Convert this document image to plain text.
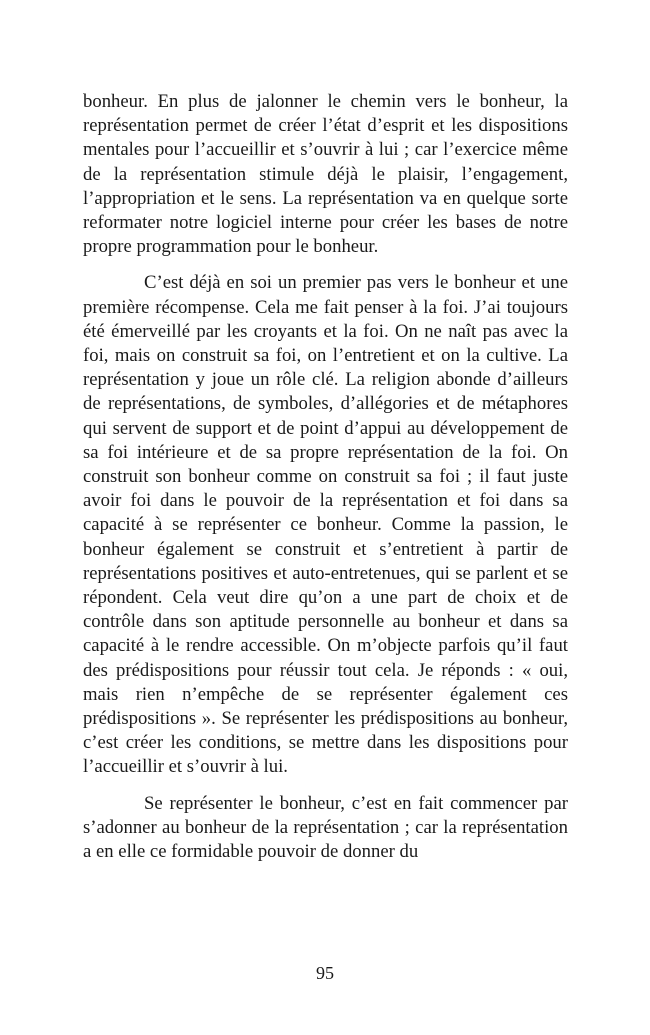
bonheur. En plus de jalonner le chemin vers le bonheur, la représentation permet de créer l’état d’esprit et les dispositions mentales pour l’accueillir et s’ouvrir à lui ; car l’exercice même de la représentation stimule déjà le plaisir, l’engagement, l’appropriation et le sens. La représentation va en quelque sorte reformater notre logiciel interne pour créer les bases de notre propre programmation pour le bonheur.

C’est déjà en soi un premier pas vers le bonheur et une première récompense. Cela me fait penser à la foi. J’ai toujours été émerveillé par les croyants et la foi. On ne naît pas avec la foi, mais on construit sa foi, on l’entretient et on la cultive. La représentation y joue un rôle clé. La religion abonde d’ailleurs de représentations, de symboles, d’allégories et de métaphores qui servent de support et de point d’appui au développement de sa foi intérieure et de sa propre représentation de la foi. On construit son bonheur comme on construit sa foi ; il faut juste avoir foi dans le pouvoir de la représentation et foi dans sa capacité à se représenter ce bonheur. Comme la passion, le bonheur également se construit et s’entretient à partir de représentations positives et auto-entretenues, qui se parlent et se répondent. Cela veut dire qu’on a une part de choix et de contrôle dans son aptitude personnelle au bonheur et dans sa capacité à le rendre accessible. On m’objecte parfois qu’il faut des prédispositions pour réussir tout cela. Je réponds : « oui, mais rien n’empêche de se représenter également ces prédispositions ». Se représenter les prédispositions au bonheur, c’est créer les conditions, se mettre dans les dispositions pour l’accueillir et s’ouvrir à lui.

Se représenter le bonheur, c’est en fait commencer par s’adonner au bonheur de la représentation ; car la représentation a en elle ce formidable pouvoir de donner du

95
